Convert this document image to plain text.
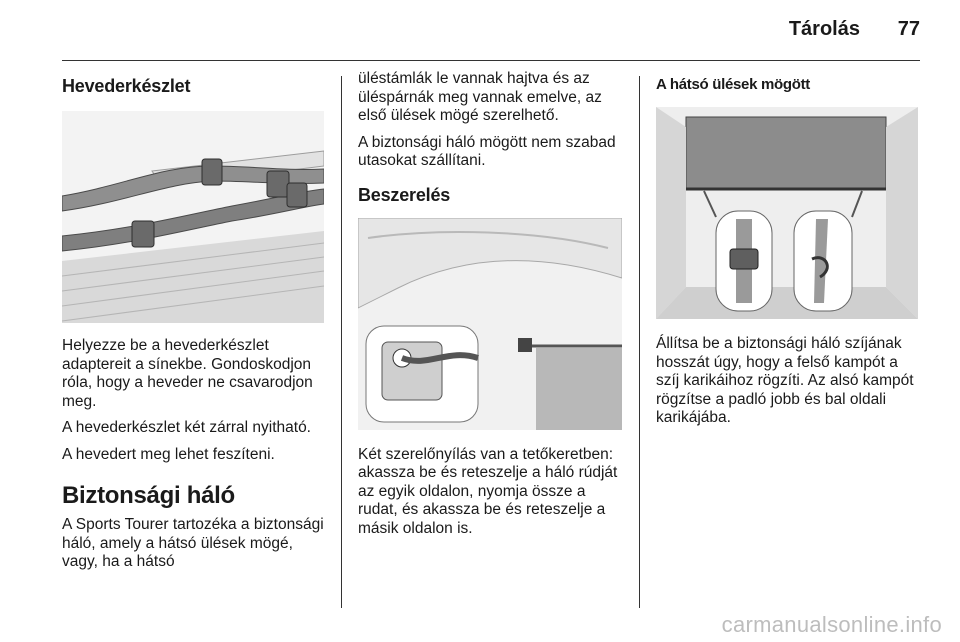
Tárolás	77
Hevederkészlet

Helyezze be a hevederkészlet adaptereit a sínekbe. Gondoskodjon róla, hogy a heveder ne csavarodjon meg.

A hevederkészlet két zárral nyitható.

A hevedert meg lehet feszíteni.

Biztonsági háló

A Sports Tourer tartozéka a biztonsági háló, amely a hátsó ülések mögé, vagy, ha a hátsó

üléstámlák le vannak hajtva és az üléspárnák meg vannak emelve, az első ülések mögé szerelhető.

A biztonsági háló mögött nem szabad utasokat szállítani.

Beszerelés

Két szerelőnyílás van a tetőkeretben: akassza be és reteszelje a háló rúdját az egyik oldalon, nyomja össze a rudat, és akassza be és reteszelje a másik oldalon is.

A hátsó ülések mögött

Állítsa be a biztonsági háló szíjának hosszát úgy, hogy a felső kampót a szíj karikáihoz rögzíti. Az alsó kampót rögzítse a padló jobb és bal oldali karikájába.

carmanualsonline.info
